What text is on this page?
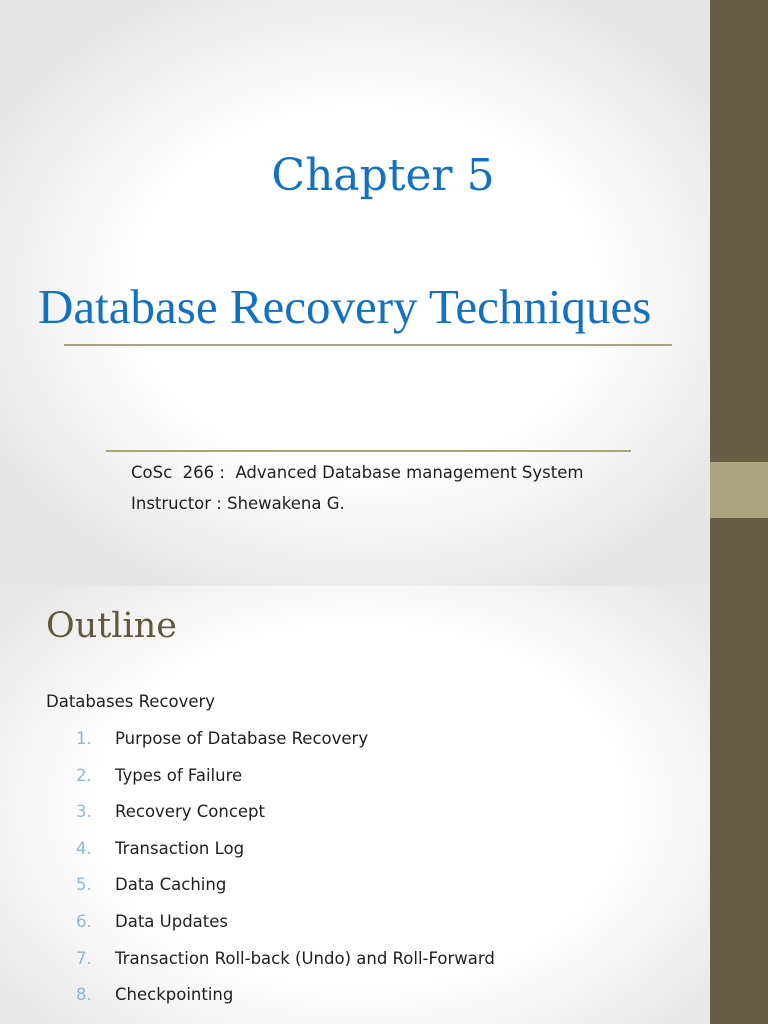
Chapter 5
CoSc  266 :  Advanced Database management System
Instructor : Shewakena G.
Database Recovery Techniques
Outline
Databases Recovery
1. Purpose of Database Recovery
2. Types of Failure
3. Recovery Concept
4. Transaction Log
5. Data Caching
6. Data Updates
7. Transaction Roll-back (Undo) and Roll-Forward
8. Checkpointing
